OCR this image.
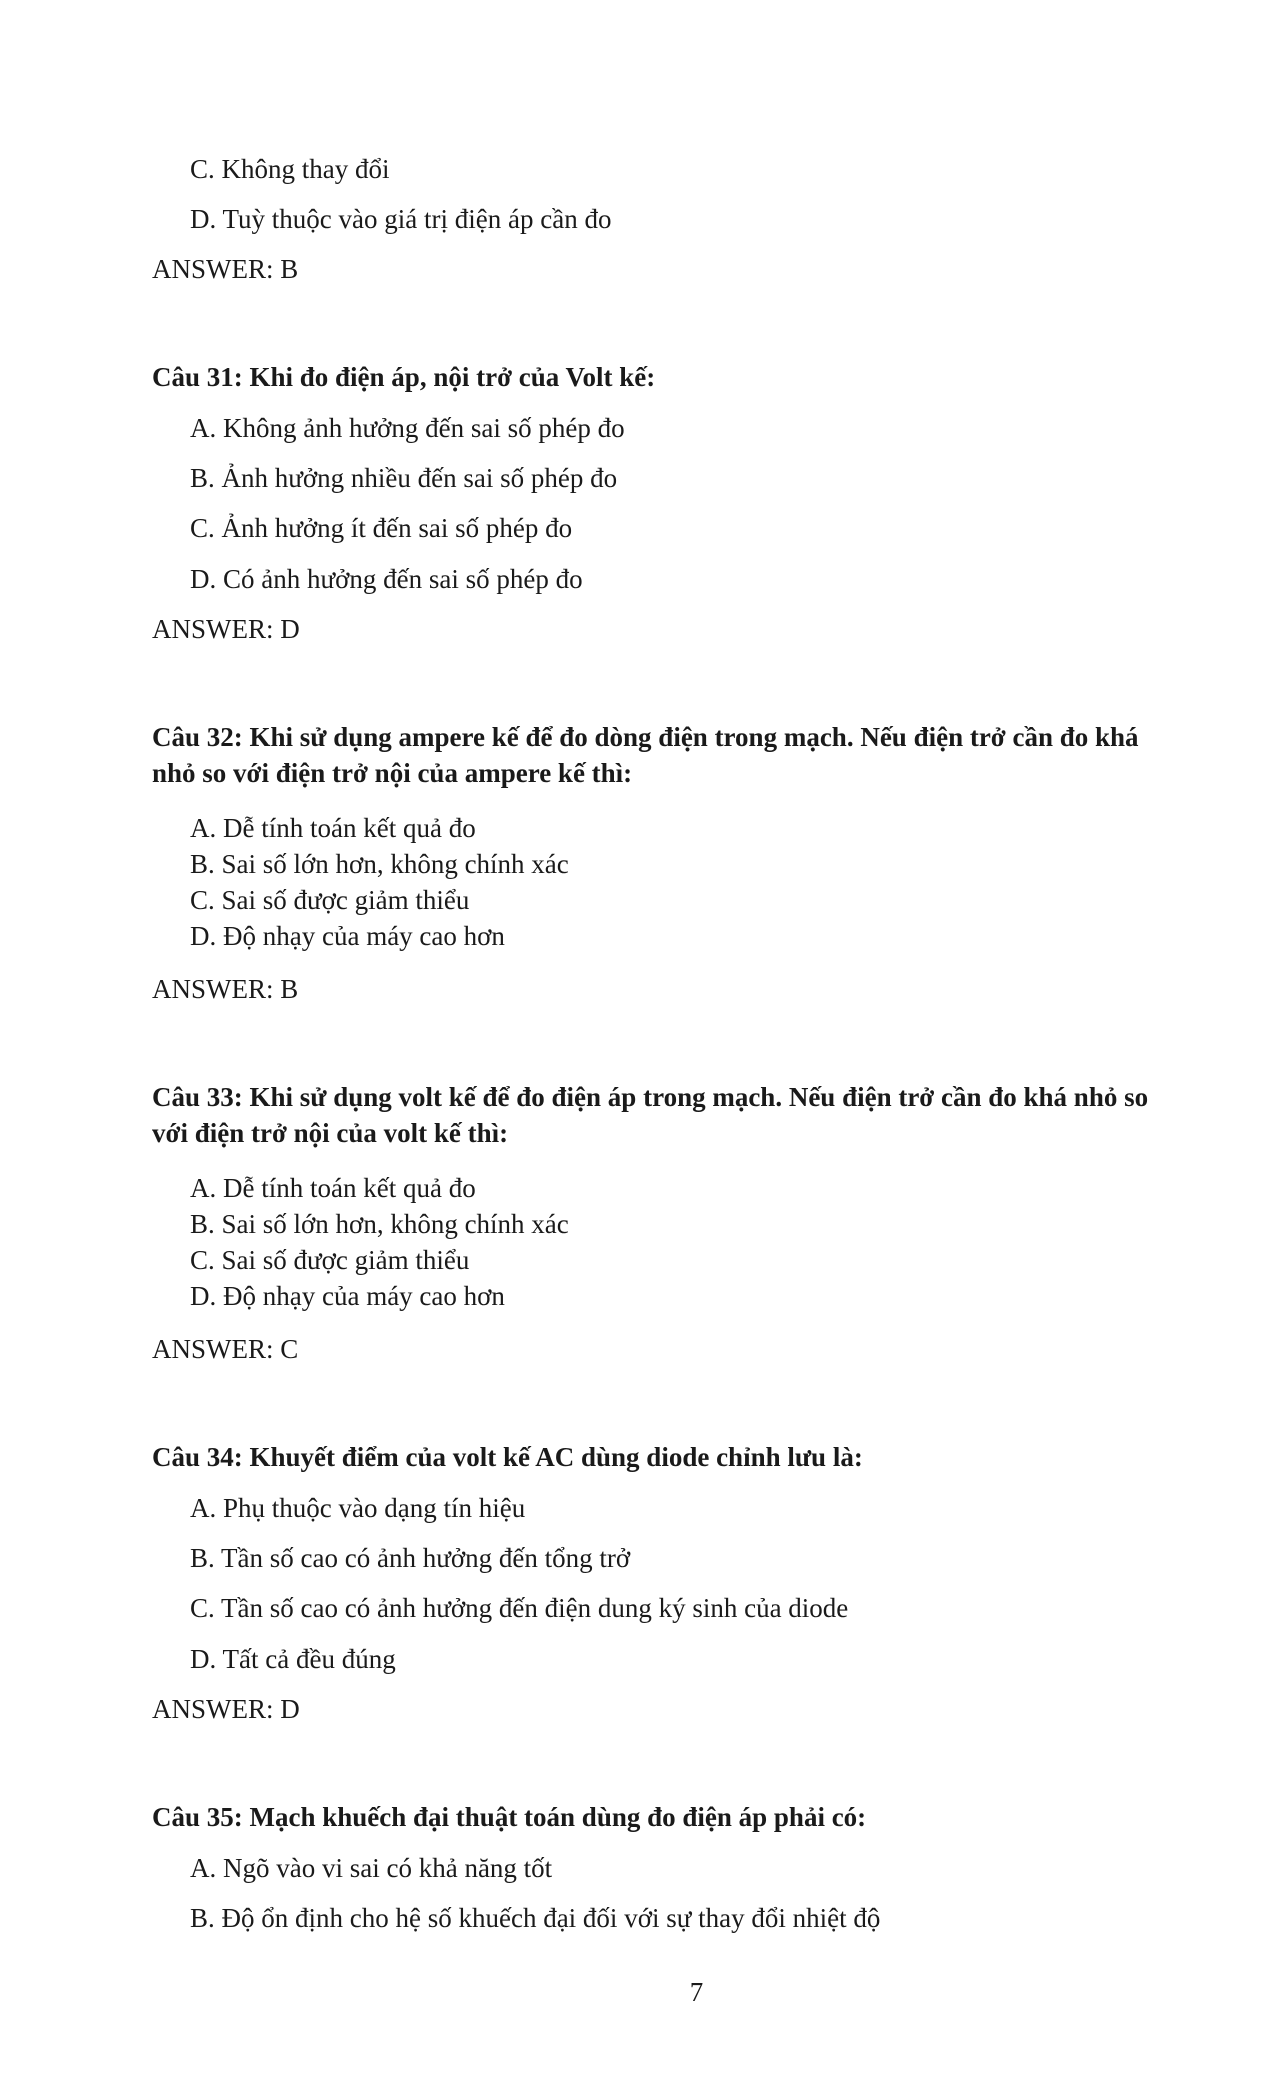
C. Không thay đổi
D. Tuỳ thuộc vào giá trị điện áp cần đo
ANSWER: B
Câu 31: Khi đo điện áp, nội trở của Volt kế:
A. Không ảnh hưởng đến sai số phép đo
B. Ảnh hưởng nhiều đến sai số phép đo
C. Ảnh hưởng ít đến sai số phép đo
D. Có ảnh hưởng đến sai số phép đo
ANSWER: D
Câu 32: Khi sử dụng ampere kế để đo dòng điện trong mạch. Nếu điện trở cần đo khá
nhỏ so với điện trở nội của ampere kế thì:
A. Dễ tính toán kết quả đo
B. Sai số lớn hơn, không chính xác
C. Sai số được giảm thiểu
D. Độ nhạy của máy cao hơn
ANSWER: B
Câu 33: Khi sử dụng volt kế để đo điện áp trong mạch. Nếu điện trở cần đo khá nhỏ so
với điện trở nội của volt kế thì:
A. Dễ tính toán kết quả đo
B. Sai số lớn hơn, không chính xác
C. Sai số được giảm thiểu
D. Độ nhạy của máy cao hơn
ANSWER: C
Câu 34: Khuyết điểm của volt kế AC dùng diode chỉnh lưu là:
A. Phụ thuộc vào dạng tín hiệu
B. Tần số cao có ảnh hưởng đến tổng trở
C. Tần số cao có ảnh hưởng đến điện dung ký sinh của diode
D. Tất cả đều đúng
ANSWER: D
Câu 35: Mạch khuếch đại thuật toán dùng đo điện áp phải có:
A. Ngõ vào vi sai có khả năng tốt
B. Độ ổn định cho hệ số khuếch đại đối với sự thay đổi nhiệt độ
7
